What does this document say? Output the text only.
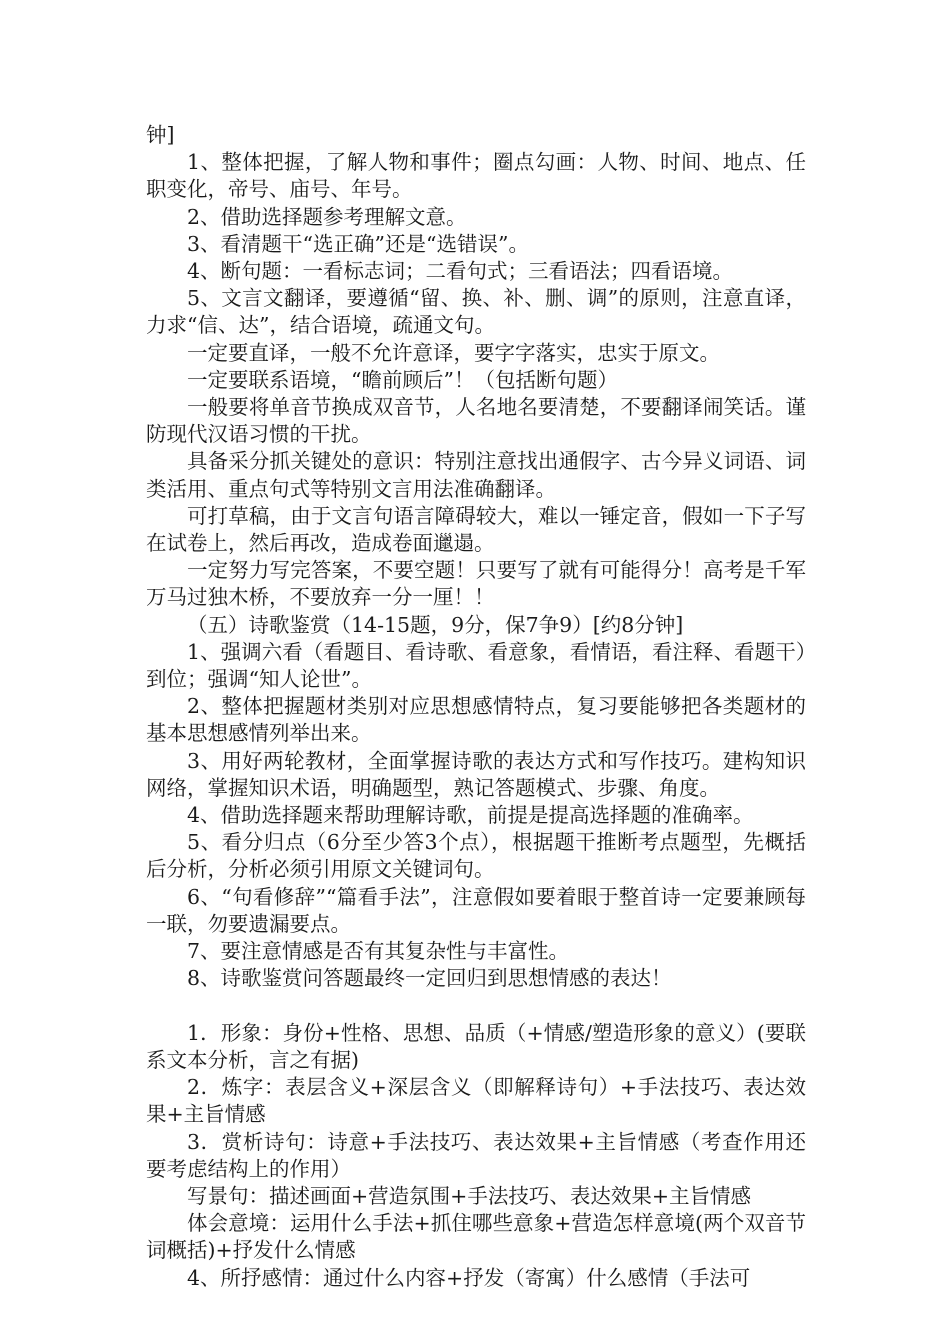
钟]

1、整体把握，了解人物和事件；圈点勾画：人物、时间、地点、任职变化，帝号、庙号、年号。

2、借助选择题参考理解文意。

3、看清题干“选正确”还是“选错误”。

4、断句题：一看标志词；二看句式；三看语法；四看语境。

5、文言文翻译，要遵循“留、换、补、删、调”的原则，注意直译，力求“信、达”，结合语境，疏通文句。

一定要直译，一般不允许意译，要字字落实，忠实于原文。

一定要联系语境，“瞻前顾后”！（包括断句题）

一般要将单音节换成双音节，人名地名要清楚，不要翻译闹笑话。谨防现代汉语习惯的干扰。

具备采分抓关键处的意识：特别注意找出通假字、古今异义词语、词类活用、重点句式等特别文言用法准确翻译。

可打草稿，由于文言句语言障碍较大，难以一锤定音，假如一下子写在试卷上，然后再改，造成卷面邋遢。

一定努力写完答案，不要空题！只要写了就有可能得分！高考是千军万马过独木桥，不要放弃一分一厘！！

（五）诗歌鉴赏（14-15题，9分，保7争9）[约8分钟]

1、强调六看（看题目、看诗歌、看意象，看情语，看注释、看题干）到位；强调“知人论世”。

2、整体把握题材类别对应思想感情特点，复习要能够把各类题材的基本思想感情列举出来。

3、用好两轮教材，全面掌握诗歌的表达方式和写作技巧。建构知识网络，掌握知识术语，明确题型，熟记答题模式、步骤、角度。

4、借助选择题来帮助理解诗歌，前提是提高选择题的准确率。

5、看分归点（6分至少答3个点），根据题干推断考点题型，先概括后分析，分析必须引用原文关键词句。

6、“句看修辞”“篇看手法”，注意假如要着眼于整首诗一定要兼顾每一联，勿要遗漏要点。

7、要注意情感是否有其复杂性与丰富性。

8、诗歌鉴赏问答题最终一定回归到思想情感的表达！

1．形象：身份+性格、思想、品质（+情感/塑造形象的意义）(要联系文本分析，言之有据)

2．炼字：表层含义+深层含义（即解释诗句）+手法技巧、表达效果+主旨情感

3．赏析诗句：诗意+手法技巧、表达效果+主旨情感（考查作用还要考虑结构上的作用）

写景句：描述画面+营造氛围+手法技巧、表达效果+主旨情感

体会意境：运用什么手法+抓住哪些意象+营造怎样意境(两个双音节词概括)+抒发什么情感

4、所抒感情：通过什么内容+抒发（寄寓）什么感情（手法可
